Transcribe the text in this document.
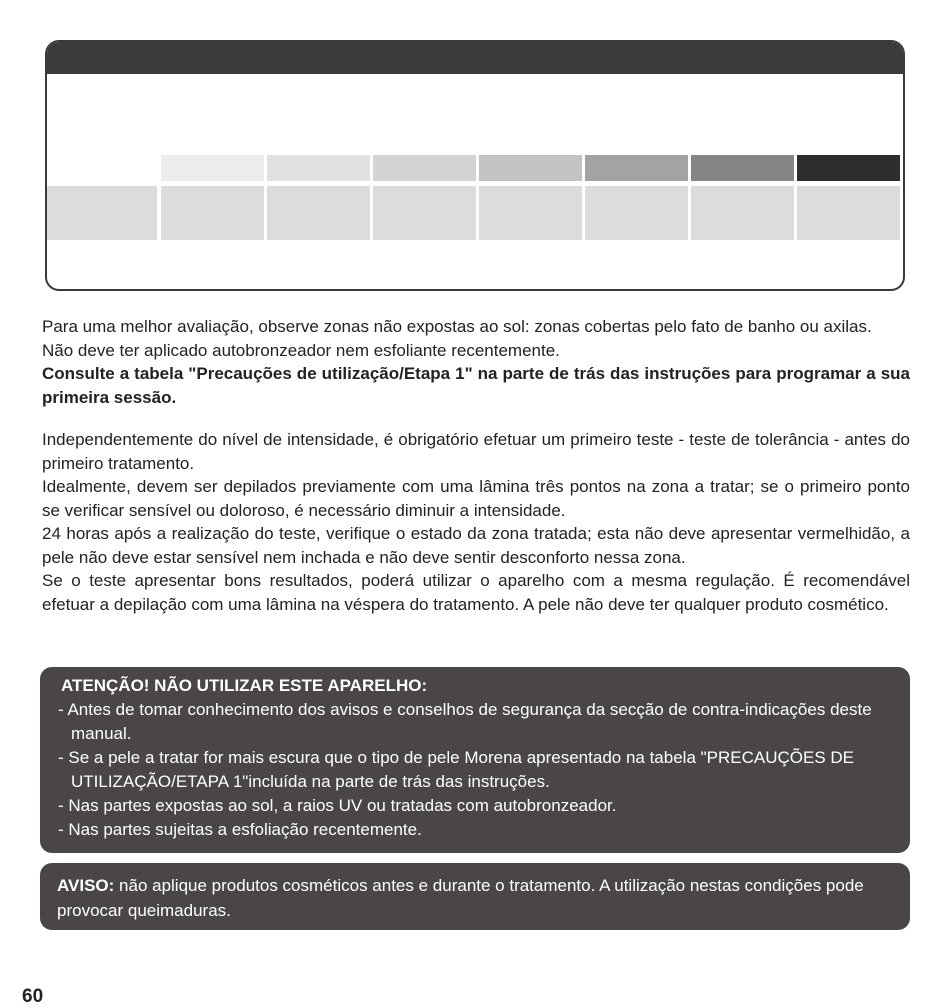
Para uma melhor avaliação, observe zonas não expostas ao sol: zonas cobertas pelo fato de banho ou axilas.

Não deve ter aplicado autobronzeador nem esfoliante recentemente.

Consulte a tabela "Precauções de utilização/Etapa 1" na parte de trás das instruções para programar a sua primeira sessão.

Independentemente do nível de intensidade, é obrigatório efetuar um primeiro teste - teste de tolerância - antes do primeiro tratamento.

Idealmente, devem ser depilados previamente com uma lâmina três pontos na zona a tratar; se o primeiro ponto se verificar sensível ou doloroso, é necessário diminuir a intensidade.

24 horas após a realização do teste, verifique o estado da zona tratada; esta não deve apresentar vermelhidão, a pele não deve estar sensível nem inchada e não deve sentir desconforto nessa zona.

Se o teste apresentar bons resultados, poderá utilizar o aparelho com a mesma regulação. É recomendável efetuar a depilação com uma lâmina na véspera do tratamento. A pele não deve ter qualquer produto cosmético.

ATENÇÃO! NÃO UTILIZAR ESTE APARELHO:

- Antes de tomar conhecimento dos avisos e conselhos de segurança da secção de contra-indicações deste manual.

- Se a pele a tratar for mais escura que o tipo de pele Morena apresentado na tabela "PRECAUÇÕES DE UTILIZAÇÃO/ETAPA 1"incluída na parte de trás das instruções.

- Nas partes expostas ao sol, a raios UV ou tratadas com autobronzeador.

- Nas partes sujeitas a esfoliação recentemente.

AVISO: não aplique produtos cosméticos antes e durante o tratamento. A utilização nestas condições pode provocar queimaduras.
60
